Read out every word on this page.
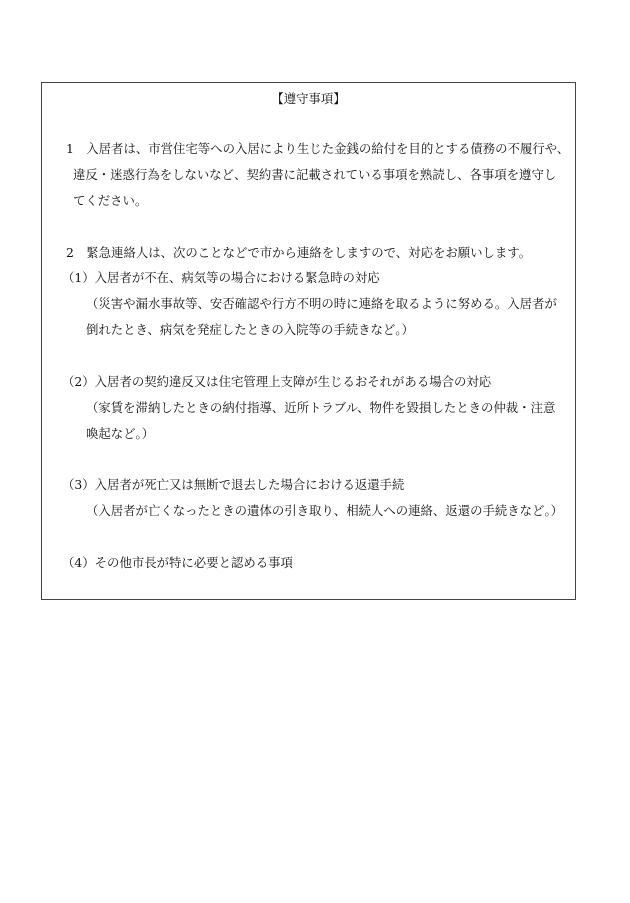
【遵守事項】
1　入居者は、市営住宅等への入居により生じた金銭の給付を目的とする債務の不履行や、
違反・迷惑行為をしないなど、契約書に記載されている事項を熟読し、各事項を遵守し
てください。
2　緊急連絡人は、次のことなどで市から連絡をしますので、対応をお願いします。
（1）入居者が不在、病気等の場合における緊急時の対応
（災害や漏水事故等、安否確認や行方不明の時に連絡を取るように努める。入居者が
倒れたとき、病気を発症したときの入院等の手続きなど。）
（2）入居者の契約違反又は住宅管理上支障が生じるおそれがある場合の対応
（家賃を滞納したときの納付指導、近所トラブル、物件を毀損したときの仲裁・注意
喚起など。）
（3）入居者が死亡又は無断で退去した場合における返還手続
（入居者が亡くなったときの遺体の引き取り、相続人への連絡、返還の手続きなど。）
（4）その他市長が特に必要と認める事項
